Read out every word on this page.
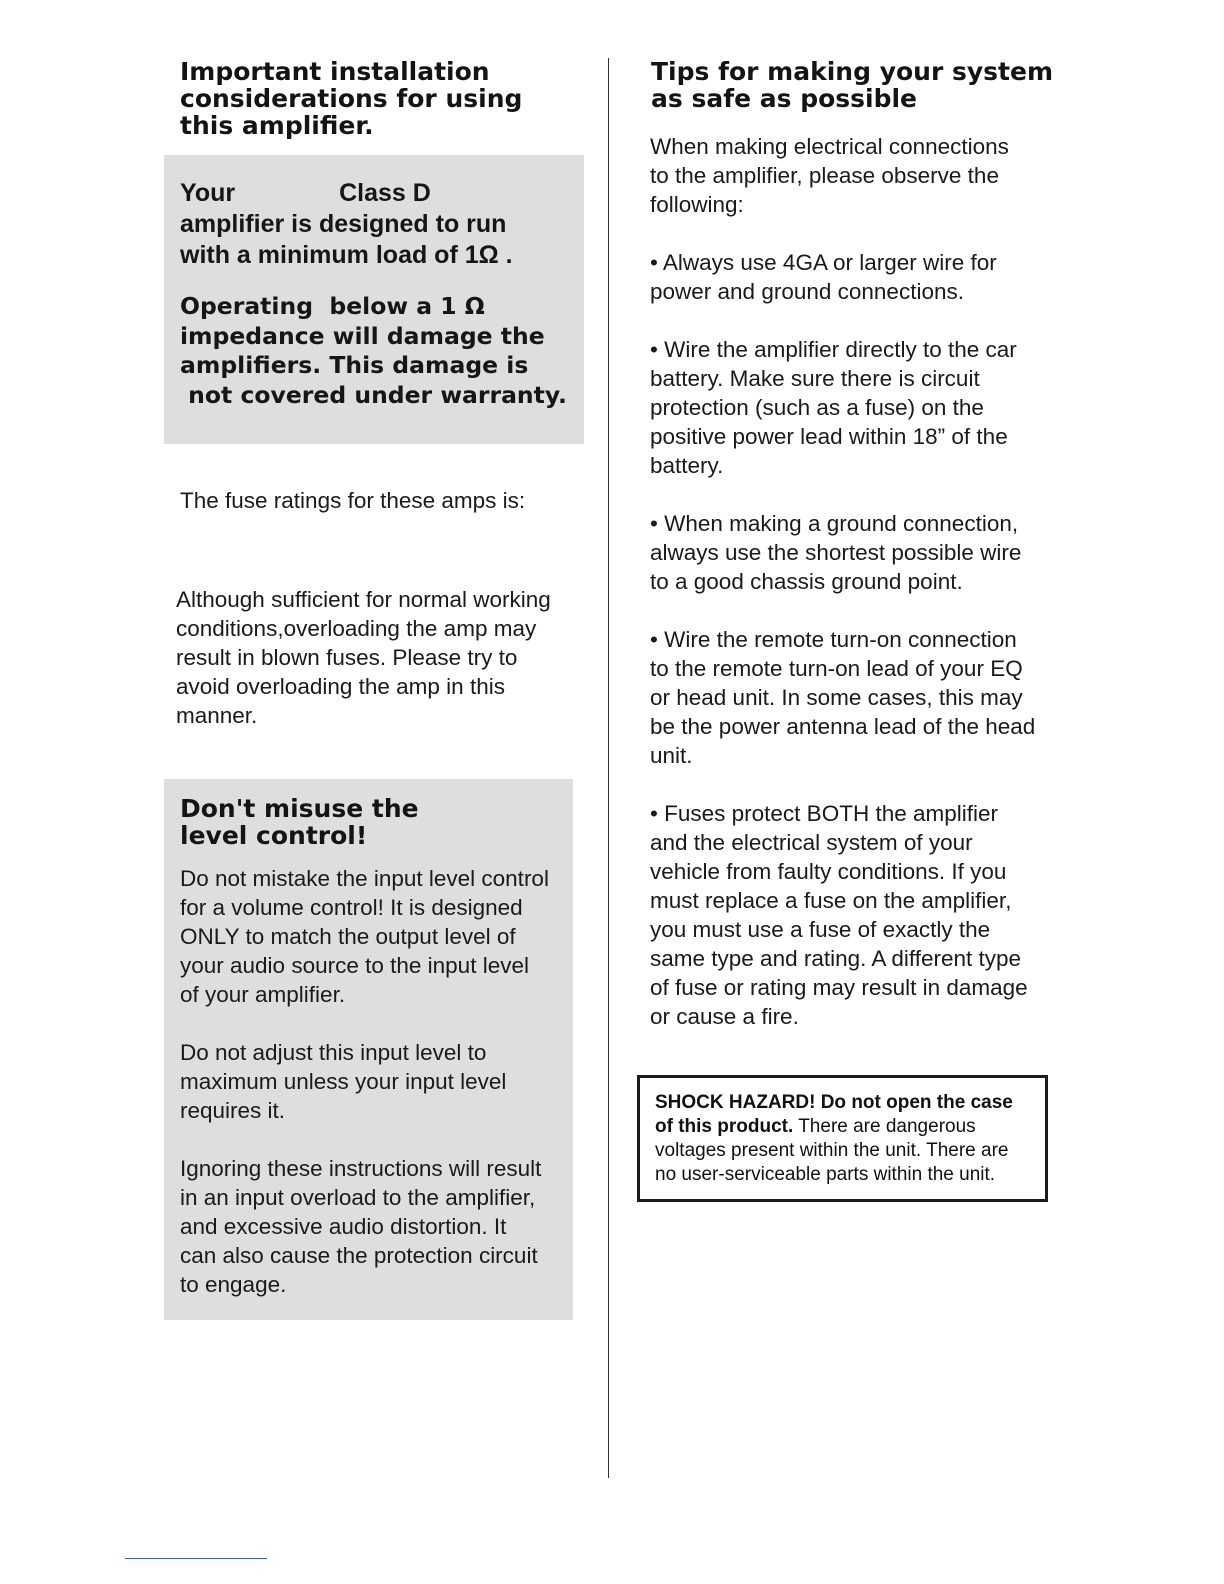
Important installation
considerations for using
this amplifier.
Your	Class D
amplifier is designed to run
with a minimum load of 1Ω .
Operating  below a 1 Ω
impedance will damage the
amplifiers. This damage is
not covered under warranty.
The fuse ratings for these amps is:
Although sufficient for normal working
conditions,overloading the amp may
result in blown fuses. Please try to
avoid overloading the amp in this
manner.
Don't misuse the
level control!
Do not mistake the input level control
for a volume control! It is designed
ONLY to match the output level of
your audio source to the input level
of your amplifier.
Do not adjust this input level to
maximum unless your input level
requires it.
Ignoring these instructions will result
in an input overload to the amplifier,
and excessive audio distortion. It
can also cause the protection circuit
to engage.
Tips for making your system
as safe as possible
When making electrical connections
to the amplifier, please observe the
following:
• Always use 4GA or larger wire for
power and ground connections.
• Wire the amplifier directly to the car
battery. Make sure there is circuit
protection (such as a fuse) on the
positive power lead within 18” of the
battery.
• When making a ground connection,
always use the shortest possible wire
to a good chassis ground point.
• Wire the remote turn-on connection
to the remote turn-on lead of your EQ
or head unit. In some cases, this may
be the power antenna lead of the head
unit.
• Fuses protect BOTH the amplifier
and the electrical system of your
vehicle from faulty conditions. If you
must replace a fuse on the amplifier,
you must use a fuse of exactly the
same type and rating. A different type
of fuse or rating may result in damage
or cause a fire.
SHOCK HAZARD! Do not open the case
of this product. There are dangerous
voltages present within the unit. There are
no user-serviceable parts within the unit.
